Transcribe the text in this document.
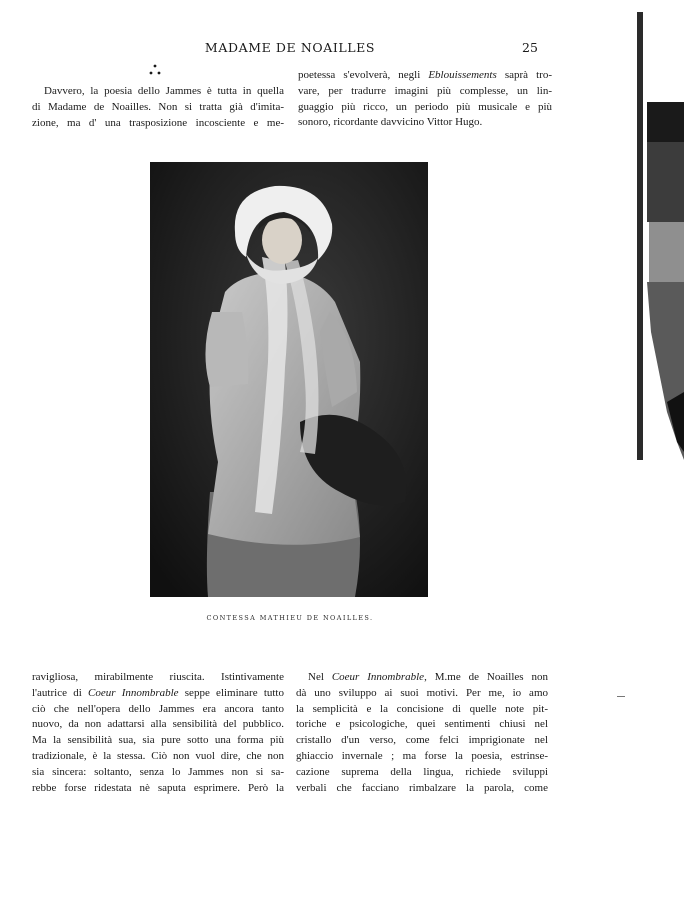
MADAME DE NOAILLES	25
Davvero, la poesia dello Jammes è tutta in quella
di Madame de Noailles. Non si tratta già d'imita-
zione, ma d' una trasposizione incosciente e me-
poetessa s'evolverà, negli Eblouissements saprà tro-
vare, per tradurre imagini più complesse, un lin-
guaggio più ricco, un periodo più musicale e più
sonoro, ricordante davvicino Vittor Hugo.
CONTESSA MATHIEU DE NOAILLES.
ravigliosa, mirabilmente riuscita. Istintivamente
l'autrice di Coeur Innombrable seppe eliminare tutto
ciò che nell'opera dello Jammes era ancora tanto
nuovo, da non adattarsi alla sensibilità del pubblico.
Ma la sensibilità sua, sia pure sotto una forma più
tradizionale, è la stessa. Ciò non vuol dire, che non
sia sincera: soltanto, senza lo Jammes non si sa-
rebbe forse ridestata nè saputa esprimere. Però la
Nel Coeur Innombrable, M.me de Noailles non
dà uno sviluppo ai suoi motivi. Per me, io amo
la semplicità e la concisione di quelle note pit-
toriche e psicologiche, quei sentimenti chiusi nel
cristallo d'un verso, come felci imprigionate nel
ghiaccio invernale ; ma forse la poesia, estrinse-
cazione suprema della lingua, richiede sviluppi
verbali che facciano rimbalzare la parola, come
